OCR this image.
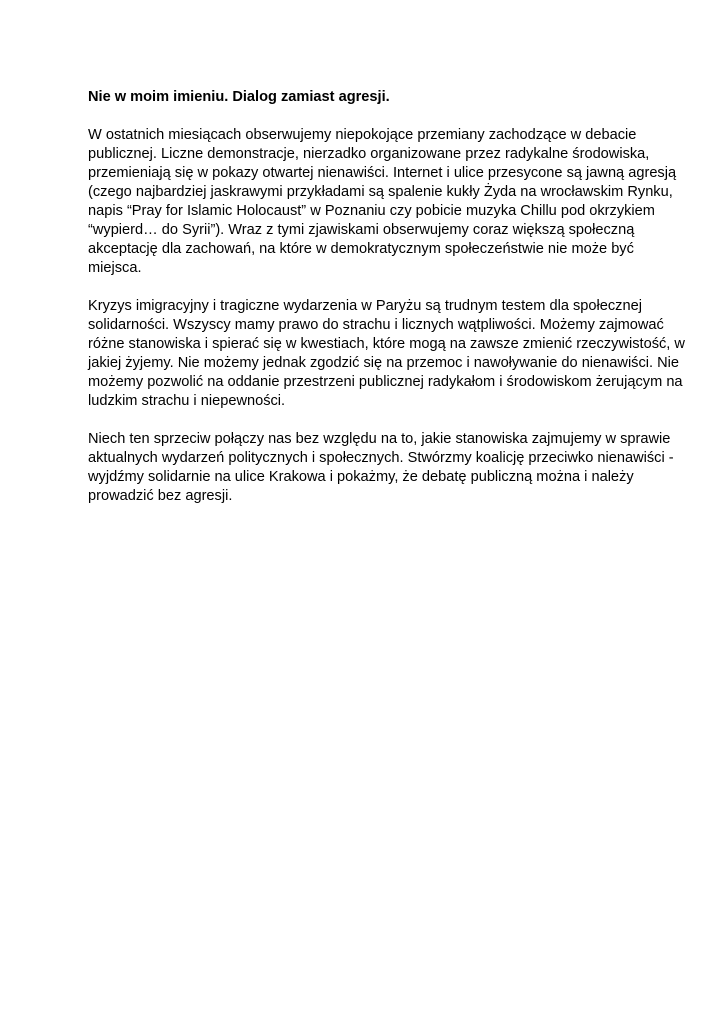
Nie w moim imieniu. Dialog zamiast agresji.
W ostatnich miesiącach obserwujemy niepokojące przemiany zachodzące w debacie
publicznej. Liczne demonstracje, nierzadko organizowane przez radykalne środowiska,
przemieniają się w pokazy otwartej nienawiści. Internet i ulice przesycone są jawną agresją
(czego najbardziej jaskrawymi przykładami są spalenie kukły Żyda na wrocławskim Rynku,
napis “Pray for Islamic Holocaust” w Poznaniu czy pobicie muzyka Chillu pod okrzykiem
“wypierd… do Syrii”). Wraz z tymi zjawiskami obserwujemy coraz większą społeczną
akceptację dla zachowań, na które w demokratycznym społeczeństwie nie może być
miejsca.
Kryzys imigracyjny i tragiczne wydarzenia w Paryżu są trudnym testem dla społecznej
solidarności. Wszyscy mamy prawo do strachu i licznych wątpliwości. Możemy zajmować
różne stanowiska i spierać się w kwestiach, które mogą na zawsze zmienić rzeczywistość, w
jakiej żyjemy. Nie możemy jednak zgodzić się na przemoc i nawoływanie do nienawiści. Nie
możemy pozwolić na oddanie przestrzeni publicznej radykałom i środowiskom żerującym na
ludzkim strachu i niepewności.
Niech ten sprzeciw połączy nas bez względu na to, jakie stanowiska zajmujemy w sprawie
aktualnych wydarzeń politycznych i społecznych. Stwórzmy koalicję przeciwko nienawiści -
wyjdźmy solidarnie na ulice Krakowa i pokażmy, że debatę publiczną można i należy
prowadzić bez agresji.
